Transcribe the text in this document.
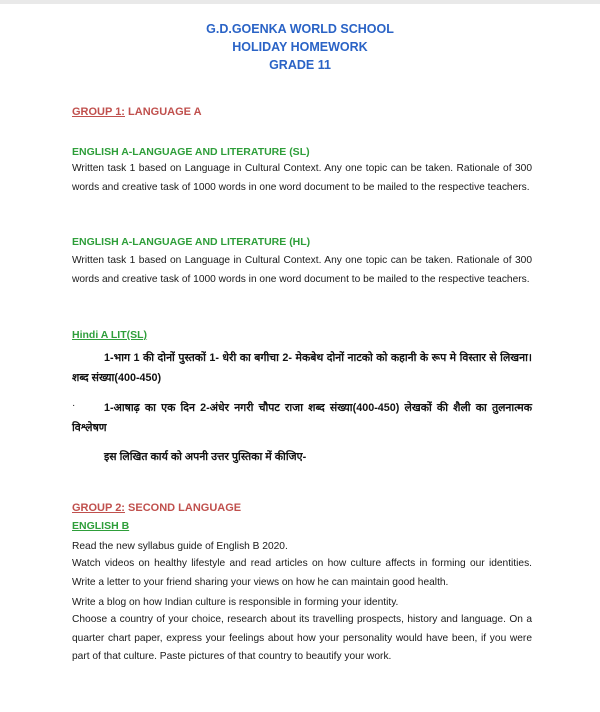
G.D.GOENKA WORLD SCHOOL
HOLIDAY HOMEWORK
GRADE 11
GROUP 1: LANGUAGE A
ENGLISH A-LANGUAGE AND LITERATURE (SL)
Written task 1 based on Language in Cultural Context. Any one topic can be taken. Rationale of 300 words and creative task of 1000 words in one word document to be mailed to the respective teachers.
ENGLISH A-LANGUAGE AND LITERATURE (HL)
Written task 1 based on Language in Cultural Context. Any one topic can be taken. Rationale of 300 words and creative task of 1000 words in one word document to be mailed to the respective teachers.
Hindi A LIT(SL)
1-भाग 1 की दोनों पुस्तकों 1- धेरी का बगीचा 2- मेकबेथ दोनों नाटको को कहानी के रूप मे विस्तार से लिखना।शब्द संख्या(400-450)
·	1-आषाढ़ का एक दिन 2-अंधेर नगरी चौपट राजा शब्द संख्या(400-450) लेखकों की शैली का तुलनात्मक विश्लेषण
इस लिखित कार्य को अपनी उत्तर पुस्तिका में कीजिए-
GROUP 2: SECOND LANGUAGE
ENGLISH B
Read the new syllabus guide of English B 2020.
Watch videos on healthy lifestyle and read articles on how culture affects in forming our identities. Write a letter to your friend sharing your views on how he can maintain good health.
Write a blog on how Indian culture is responsible in forming your identity.
Choose a country of your choice, research about its travelling prospects, history and language. On a quarter chart paper, express your feelings about how your personality would have been, if you were part of that culture. Paste pictures of that country to beautify your work.
